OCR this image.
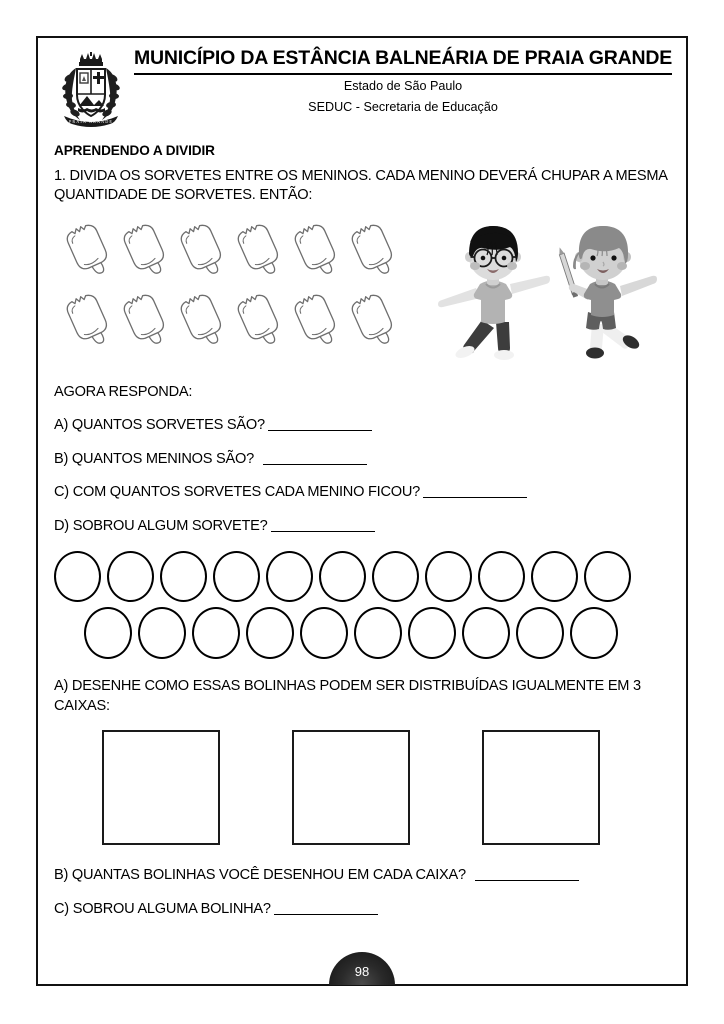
PRAIA GRANDE
MUNICÍPIO DA ESTÂNCIA BALNEÁRIA DE PRAIA GRANDE
Estado de São Paulo
SEDUC - Secretaria de Educação
APRENDENDO A DIVIDIR
1. DIVIDA OS SORVETES ENTRE OS MENINOS. CADA MENINO DEVERÁ CHUPAR A MESMA QUANTIDADE DE SORVETES. ENTÃO:
AGORA RESPONDA:
A) QUANTOS SORVETES SÃO?
B) QUANTOS MENINOS SÃO?
C) COM QUANTOS SORVETES CADA MENINO FICOU?
D) SOBROU ALGUM SORVETE?
A) DESENHE COMO ESSAS BOLINHAS PODEM SER DISTRIBUÍDAS IGUALMENTE EM 3 CAIXAS:
B) QUANTAS BOLINHAS VOCÊ DESENHOU EM CADA CAIXA?
C) SOBROU ALGUMA BOLINHA?
98
